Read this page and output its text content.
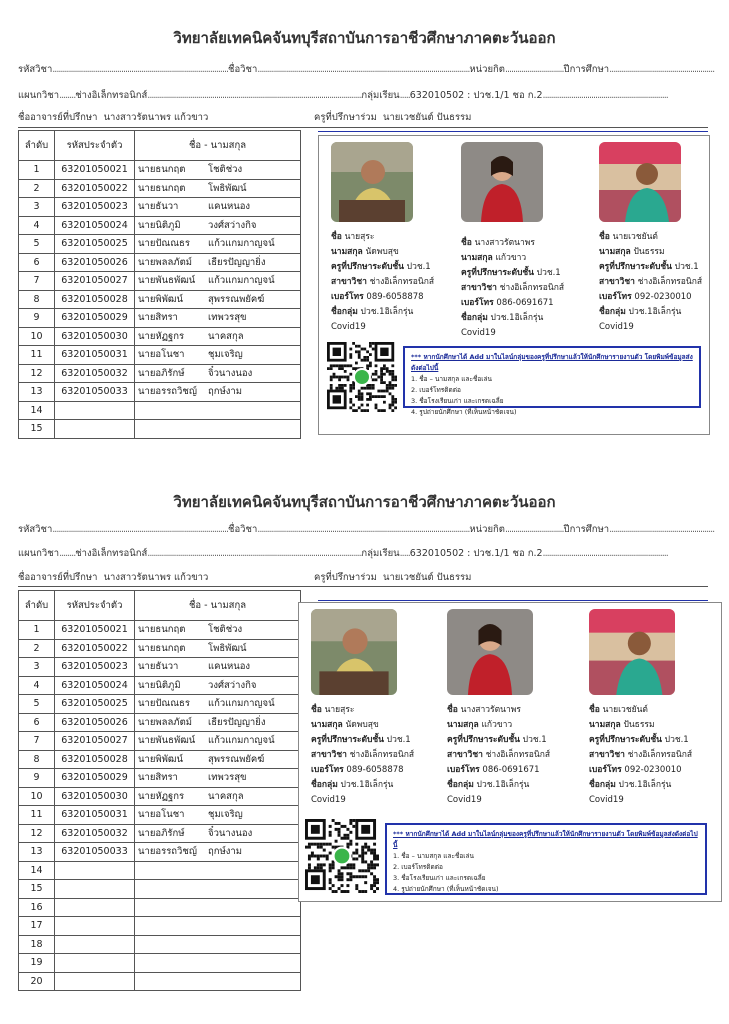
วิทยาลัยเทคนิคจันทบุรีสถาบันการอาชีวศึกษาภาคตะวันออก
รหัสวิชา.......................................................................................ชื่อวิชา.........................................................................................................หน่วยกิต.............................ปีการศึกษา....................................................
แผนกวิชา........ช่างอิเล็กทรอนิกส์..........................................................................................................กลุ่มเรียน.....632010502 : ปวช.1/1 ชอ ก.2..............................................................
ชื่ออาจารย์ที่ปรึกษา นางสาวรัตนาพร แก้วขาว	ครูที่ปรึกษาร่วม นายเวชยันต์ ปันธรรม
ลำดับ	รหัสประจำตัว	ชื่อ - นามสกุล
1	63201050021	นายธนกฤต โชติช่วง
2	63201050022	นายธนกฤต โพธิพัฒน์
3	63201050023	นายธันวา แคนหนอง
4	63201050024	นายนิติภูมิ วงศ์สว่างกิจ
5	63201050025	นายปัณณธร แก้วแกมกาญจน์
6	63201050026	นายพลลภัตม์ เธียรปัญญายิ่ง
7	63201050027	นายพันธพัฒน์ แก้วแกมกาญจน์
8	63201050028	นายพิพัฒน์ สุพรรณพยัคฆ์
9	63201050029	นายสิทรา เทพวรสุข
10	63201050030	นายหัฏฐกร นาคสกุล
11	63201050031	นายอโนชา ชุมเจริญ
12	63201050032	นายอภิรักษ์ จิ๋วนางนอง
13	63201050033	นายอรรถวิชญ์ ฤกษ์งาม
14		
15		
ชื่อ นายสุระ
นามสกุล นัดพบสุข
ครูที่ปรึกษาระดับชั้น ปวช.1
สาขาวิชา ช่างอิเล็กทรอนิกส์
เบอร์โทร 089-6058878
ชื่อกลุ่ม ปวช.1อิเล็กรุ่น
Covid19
ชื่อ นางสาวรัตนาพร
นามสกุล แก้วขาว
ครูที่ปรึกษาระดับชั้น ปวช.1
สาขาวิชา ช่างอิเล็กทรอนิกส์
เบอร์โทร 086-0691671
ชื่อกลุ่ม ปวช.1อิเล็กรุ่น
Covid19
ชื่อ นายเวชยันต์
นามสกุล ปันธรรม
ครูที่ปรึกษาระดับชั้น ปวช.1
สาขาวิชา ช่างอิเล็กทรอนิกส์
เบอร์โทร 092-0230010
ชื่อกลุ่ม ปวช.1อิเล็กรุ่น
Covid19
*** หากนักศึกษาได้ Add มาในไลน์กลุ่มของครูที่ปรึกษาแล้วให้นักศึกษารายงานตัว โดยพิมพ์ข้อมูลส่งดังต่อไปนี้
1. ชื่อ – นามสกุล และชื่อเล่น
2. เบอร์โทรติดต่อ
3. ชื่อโรงเรียนเก่า และเกรดเฉลี่ย
4. รูปถ่ายนักศึกษา (ที่เห็นหน้าชัดเจน)
วิทยาลัยเทคนิคจันทบุรีสถาบันการอาชีวศึกษาภาคตะวันออก
รหัสวิชา.......................................................................................ชื่อวิชา.........................................................................................................หน่วยกิต.............................ปีการศึกษา....................................................
แผนกวิชา........ช่างอิเล็กทรอนิกส์..........................................................................................................กลุ่มเรียน.....632010502 : ปวช.1/1 ชอ ก.2..............................................................
ชื่ออาจารย์ที่ปรึกษา นางสาวรัตนาพร แก้วขาว	ครูที่ปรึกษาร่วม นายเวชยันต์ ปันธรรม
ลำดับ	รหัสประจำตัว	ชื่อ - นามสกุล
1	63201050021	นายธนกฤต โชติช่วง
2	63201050022	นายธนกฤต โพธิพัฒน์
3	63201050023	นายธันวา แคนหนอง
4	63201050024	นายนิติภูมิ วงศ์สว่างกิจ
5	63201050025	นายปัณณธร แก้วแกมกาญจน์
6	63201050026	นายพลลภัตม์ เธียรปัญญายิ่ง
7	63201050027	นายพันธพัฒน์ แก้วแกมกาญจน์
8	63201050028	นายพิพัฒน์ สุพรรณพยัคฆ์
9	63201050029	นายสิทรา เทพวรสุข
10	63201050030	นายหัฏฐกร นาคสกุล
11	63201050031	นายอโนชา ชุมเจริญ
12	63201050032	นายอภิรักษ์ จิ๋วนางนอง
13	63201050033	นายอรรถวิชญ์ ฤกษ์งาม
14		
15		
16		
17		
18		
19		
20		
ชื่อ นายสุระ
นามสกุล นัดพบสุข
ครูที่ปรึกษาระดับชั้น ปวช.1
สาขาวิชา ช่างอิเล็กทรอนิกส์
เบอร์โทร 089-6058878
ชื่อกลุ่ม ปวช.1อิเล็กรุ่น
Covid19
ชื่อ นางสาวรัตนาพร
นามสกุล แก้วขาว
ครูที่ปรึกษาระดับชั้น ปวช.1
สาขาวิชา ช่างอิเล็กทรอนิกส์
เบอร์โทร 086-0691671
ชื่อกลุ่ม ปวช.1อิเล็กรุ่น
Covid19
ชื่อ นายเวชยันต์
นามสกุล ปันธรรม
ครูที่ปรึกษาระดับชั้น ปวช.1
สาขาวิชา ช่างอิเล็กทรอนิกส์
เบอร์โทร 092-0230010
ชื่อกลุ่ม ปวช.1อิเล็กรุ่น
Covid19
*** หากนักศึกษาได้ Add มาในไลน์กลุ่มของครูที่ปรึกษาแล้วให้นักศึกษารายงานตัว โดยพิมพ์ข้อมูลส่งดังต่อไปนี้
1. ชื่อ – นามสกุล และชื่อเล่น
2. เบอร์โทรติดต่อ
3. ชื่อโรงเรียนเก่า และเกรดเฉลี่ย
4. รูปถ่ายนักศึกษา (ที่เห็นหน้าชัดเจน)
